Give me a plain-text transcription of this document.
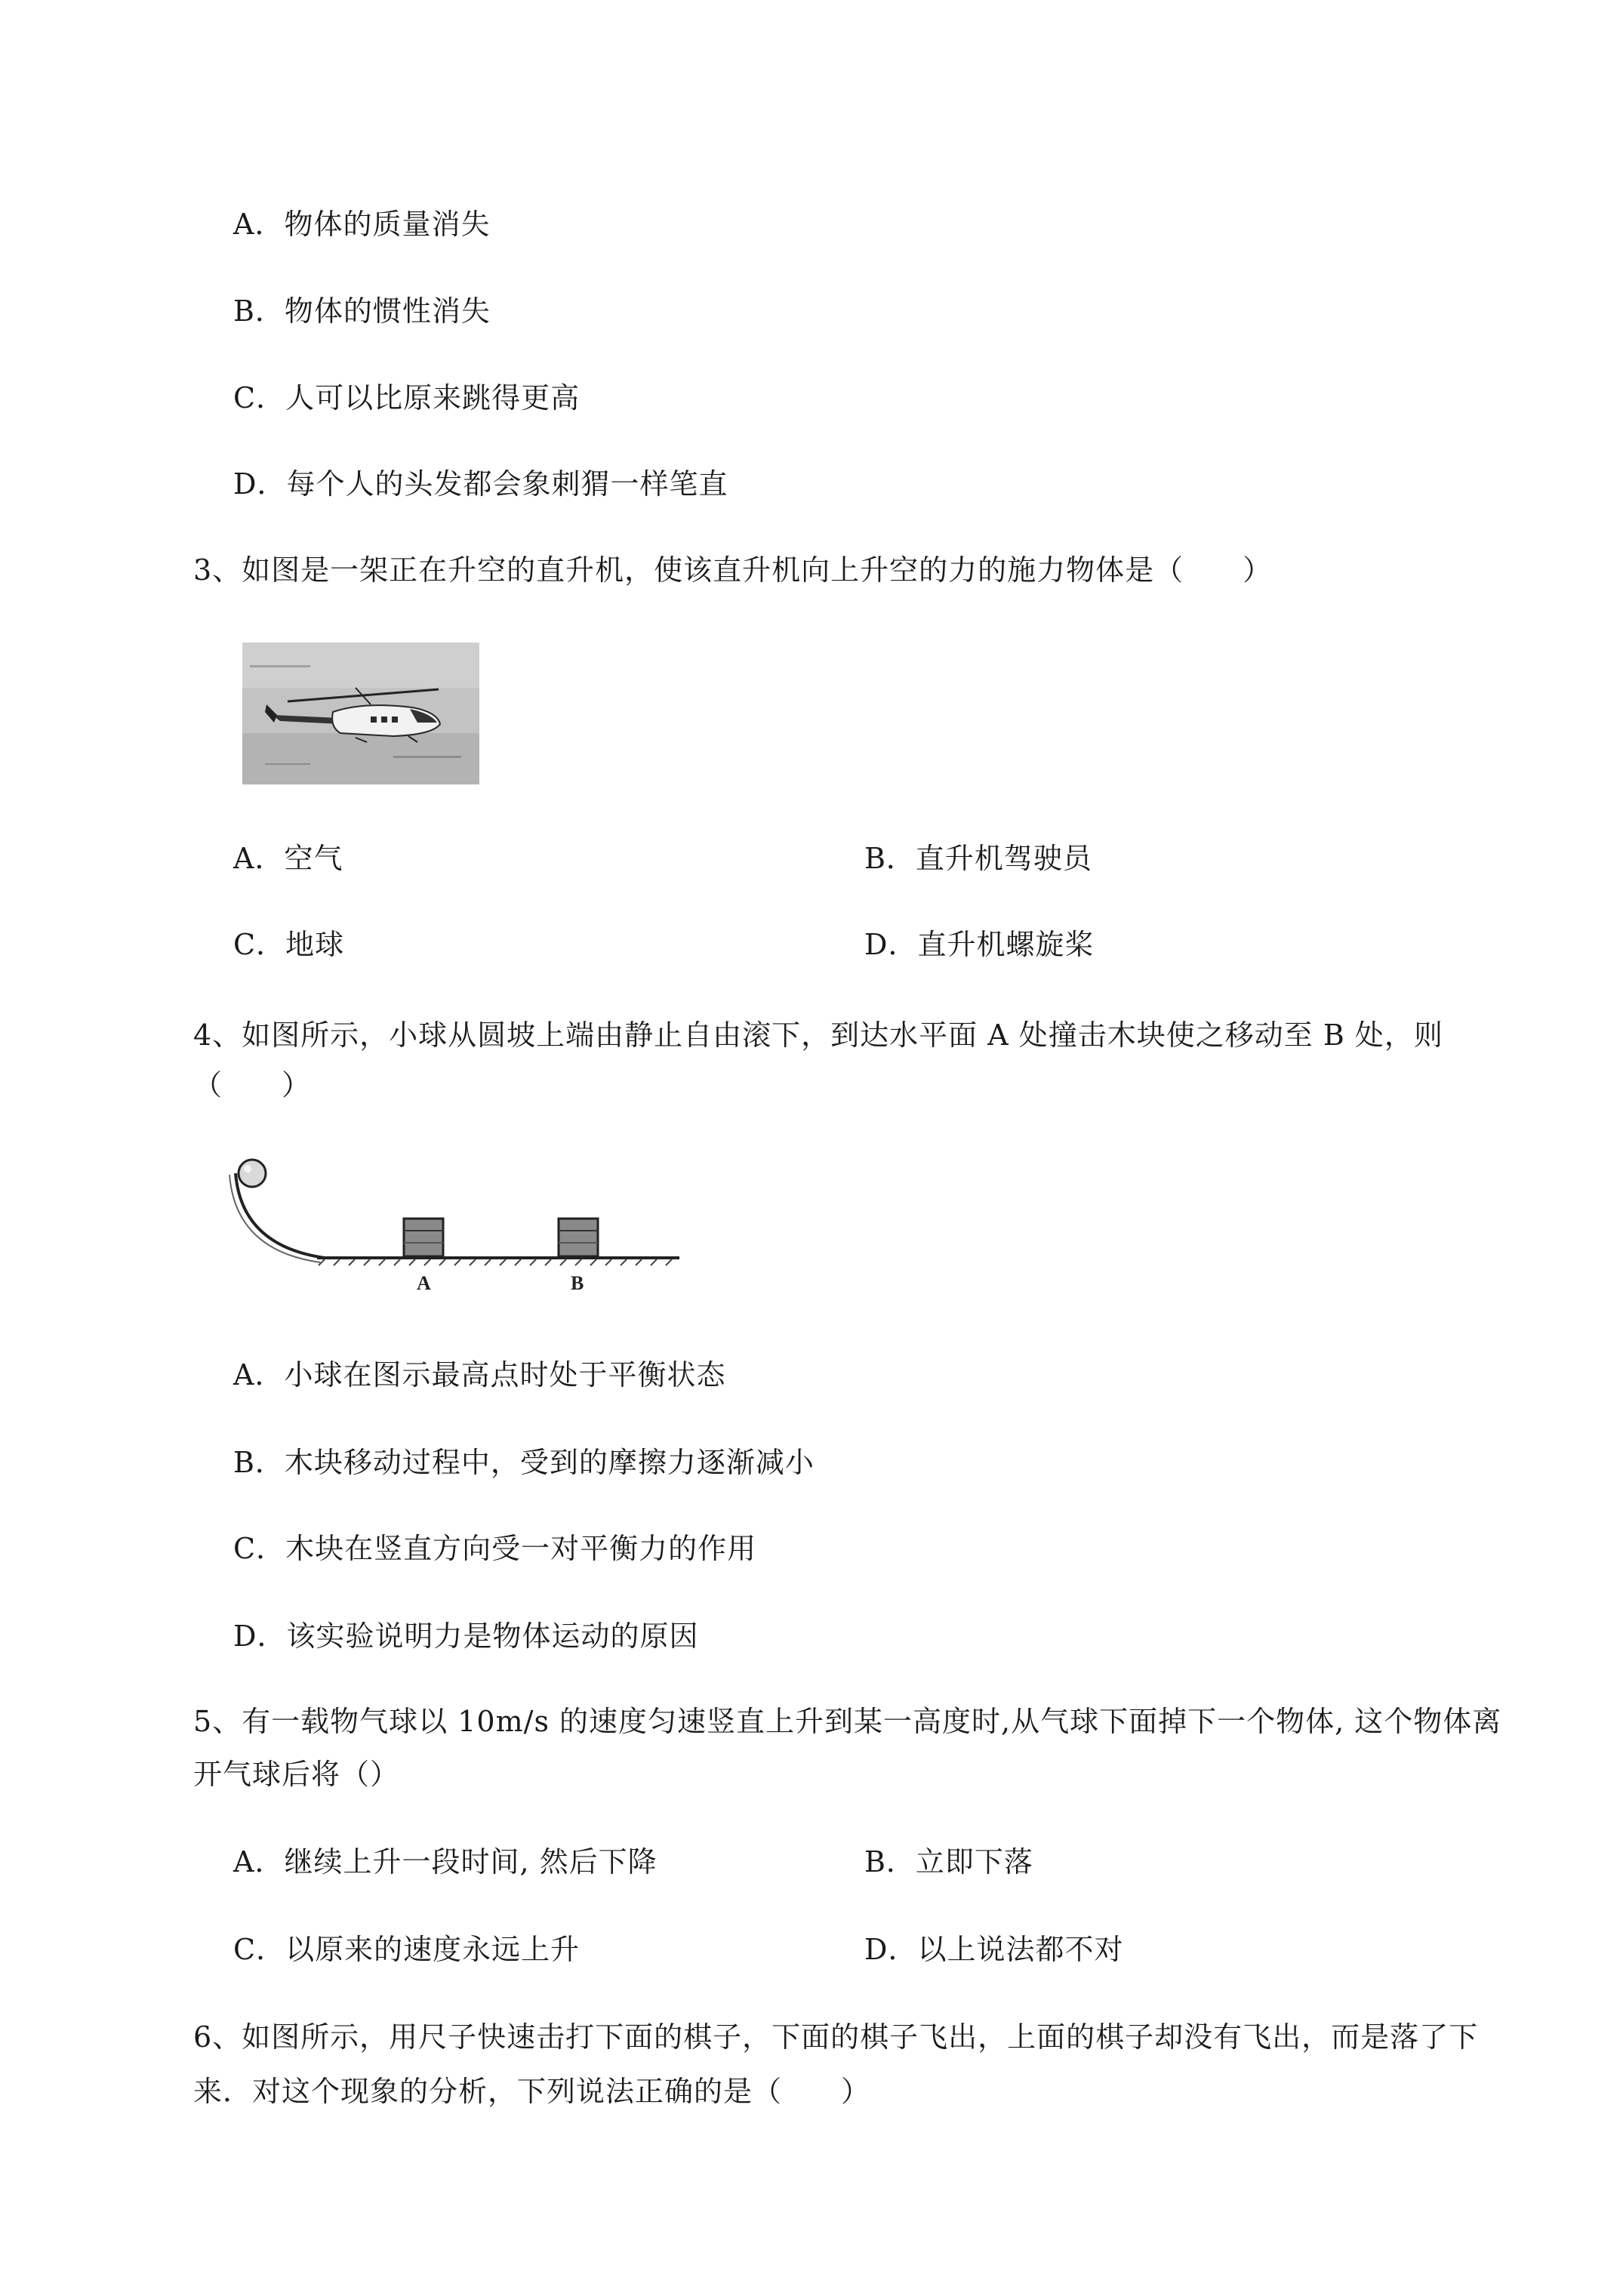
A．物体的质量消失
B．物体的惯性消失
C．人可以比原来跳得更高
D．每个人的头发都会象刺猬一样笔直
3、如图是一架正在升空的直升机，使该直升机向上升空的力的施力物体是（　　）
A．空气	B．直升机驾驶员
C．地球	D．直升机螺旋桨
4、如图所示，小球从圆坡上端由静止自由滚下，到达水平面 A 处撞击木块使之移动至 B 处，则
（　　）
A	B
A．小球在图示最高点时处于平衡状态
B．木块移动过程中，受到的摩擦力逐渐减小
C．木块在竖直方向受一对平衡力的作用
D．该实验说明力是物体运动的原因
5、有一载物气球以 10m/s 的速度匀速竖直上升到某一高度时,从气球下面掉下一个物体, 这个物体离
开气球后将（）
A．继续上升一段时间, 然后下降	B．立即下落
C．以原来的速度永远上升	D．以上说法都不对
6、如图所示，用尺子快速击打下面的棋子，下面的棋子飞出，上面的棋子却没有飞出，而是落了下
来．对这个现象的分析，下列说法正确的是（　　）
